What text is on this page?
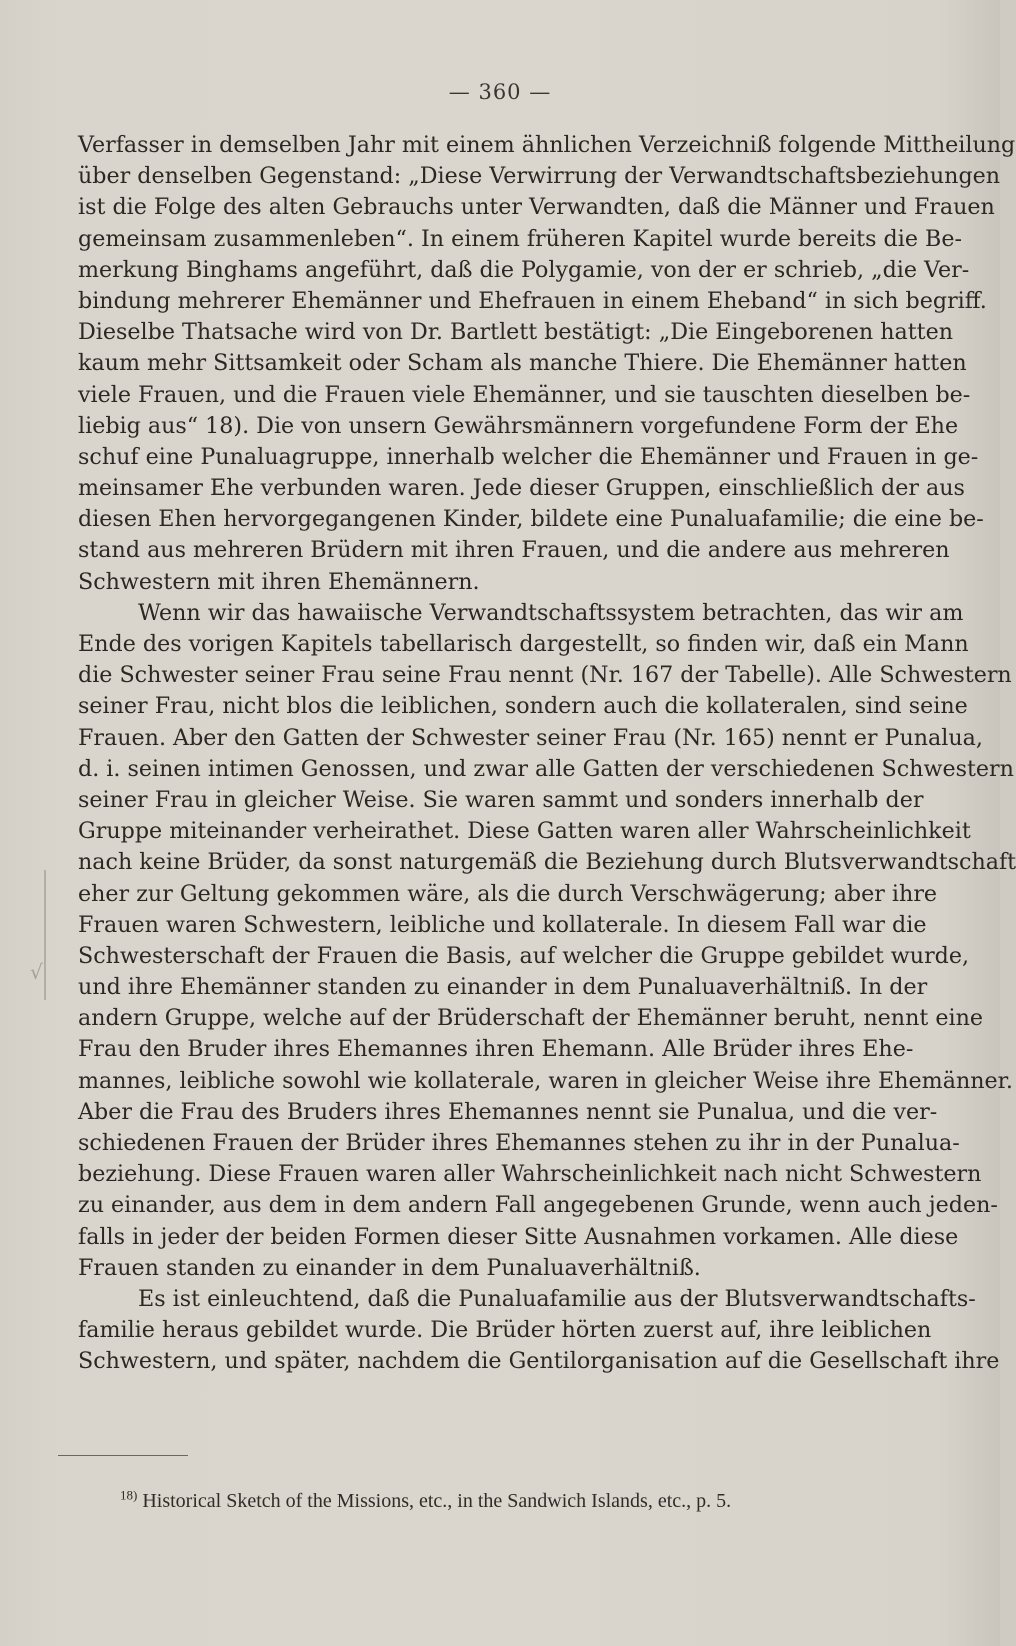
— 360 —
Verfasser in demselben Jahr mit einem ähnlichen Verzeichniß folgende Mittheilung
über denselben Gegenstand: „Diese Verwirrung der Verwandtschaftsbeziehungen
ist die Folge des alten Gebrauchs unter Verwandten, daß die Männer und Frauen
gemeinsam zusammenleben“. In einem früheren Kapitel wurde bereits die Be-
merkung Binghams angeführt, daß die Polygamie, von der er schrieb, „die Ver-
bindung mehrerer Ehemänner und Ehefrauen in einem Eheband“ in sich begriff.
Dieselbe Thatsache wird von Dr. Bartlett bestätigt: „Die Eingeborenen hatten
kaum mehr Sittsamkeit oder Scham als manche Thiere. Die Ehemänner hatten
viele Frauen, und die Frauen viele Ehemänner, und sie tauschten dieselben be-
liebig aus“ 18). Die von unsern Gewährsmännern vorgefundene Form der Ehe
schuf eine Punaluagruppe, innerhalb welcher die Ehemänner und Frauen in ge-
meinsamer Ehe verbunden waren. Jede dieser Gruppen, einschließlich der aus
diesen Ehen hervorgegangenen Kinder, bildete eine Punaluafamilie; die eine be-
stand aus mehreren Brüdern mit ihren Frauen, und die andere aus mehreren
Schwestern mit ihren Ehemännern.
Wenn wir das hawaiische Verwandtschaftssystem betrachten, das wir am
Ende des vorigen Kapitels tabellarisch dargestellt, so finden wir, daß ein Mann
die Schwester seiner Frau seine Frau nennt (Nr. 167 der Tabelle). Alle Schwestern
seiner Frau, nicht blos die leiblichen, sondern auch die kollateralen, sind seine
Frauen. Aber den Gatten der Schwester seiner Frau (Nr. 165) nennt er Punalua,
d. i. seinen intimen Genossen, und zwar alle Gatten der verschiedenen Schwestern
seiner Frau in gleicher Weise. Sie waren sammt und sonders innerhalb der
Gruppe miteinander verheirathet. Diese Gatten waren aller Wahrscheinlichkeit
nach keine Brüder, da sonst naturgemäß die Beziehung durch Blutsverwandtschaft
eher zur Geltung gekommen wäre, als die durch Verschwägerung; aber ihre
Frauen waren Schwestern, leibliche und kollaterale. In diesem Fall war die
Schwesterschaft der Frauen die Basis, auf welcher die Gruppe gebildet wurde,
und ihre Ehemänner standen zu einander in dem Punaluaverhältniß. In der
andern Gruppe, welche auf der Brüderschaft der Ehemänner beruht, nennt eine
Frau den Bruder ihres Ehemannes ihren Ehemann. Alle Brüder ihres Ehe-
mannes, leibliche sowohl wie kollaterale, waren in gleicher Weise ihre Ehemänner.
Aber die Frau des Bruders ihres Ehemannes nennt sie Punalua, und die ver-
schiedenen Frauen der Brüder ihres Ehemannes stehen zu ihr in der Punalua-
beziehung. Diese Frauen waren aller Wahrscheinlichkeit nach nicht Schwestern
zu einander, aus dem in dem andern Fall angegebenen Grunde, wenn auch jeden-
falls in jeder der beiden Formen dieser Sitte Ausnahmen vorkamen. Alle diese
Frauen standen zu einander in dem Punaluaverhältniß.
Es ist einleuchtend, daß die Punaluafamilie aus der Blutsverwandtschafts-
familie heraus gebildet wurde. Die Brüder hörten zuerst auf, ihre leiblichen
Schwestern, und später, nachdem die Gentilorganisation auf die Gesellschaft ihre
√
$^{18)}$ Historical Sketch of the Missions, etc., in the Sandwich Islands, etc., p. 5.
